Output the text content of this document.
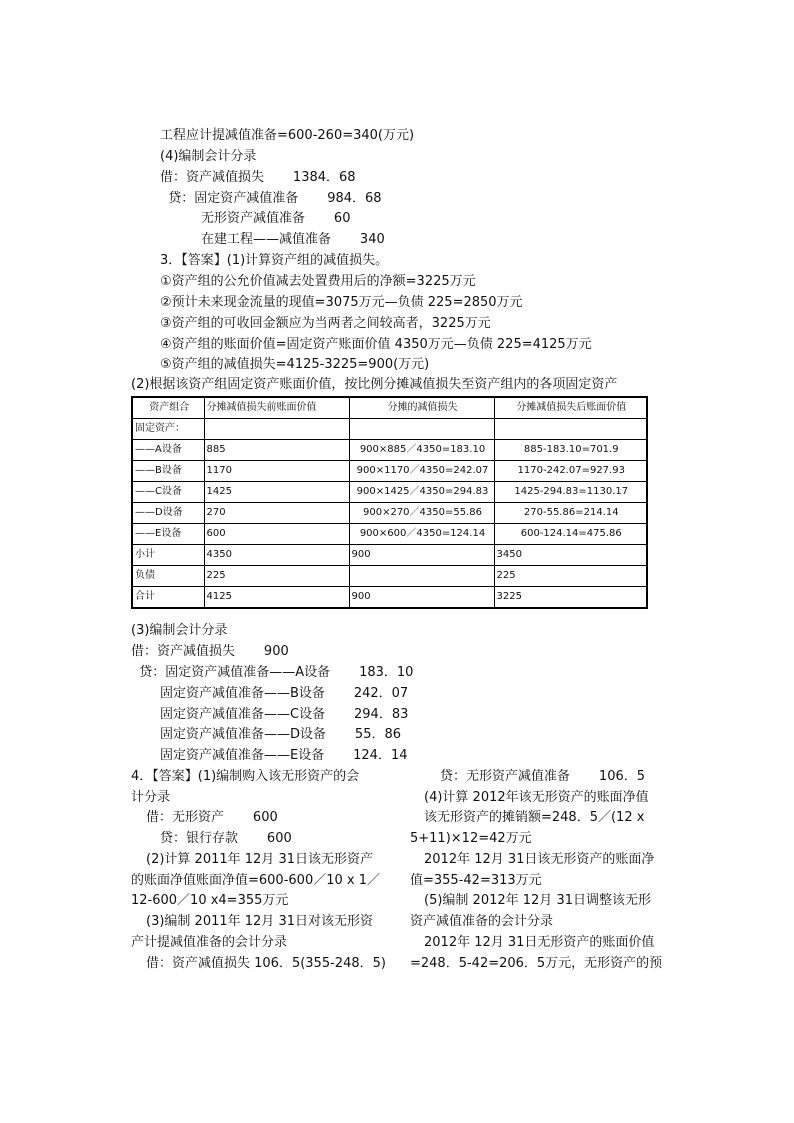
工程应计提减值准备=600-260=340(万元)
(4)编制会计分录
借：资产减值损失       1384．68
贷：固定资产减值准备       984．68
无形资产减值准备       60
在建工程——减值准备       340
3．【答案】(1)计算资产组的减值损失。
①资产组的公允价值减去处置费用后的净额=3225万元
②预计未来现金流量的现值=3075万元—负债 225=2850万元
③资产组的可收回金额应为当两者之间较高者，3225万元
④资产组的账面价值=固定资产账面价值 4350万元—负债 225=4125万元
⑤资产组的减值损失=4125-3225=900(万元)
(2)根据该资产组固定资产账面价值，按比例分摊减值损失至资产组内的各项固定资产
资产组合	分摊减值损失前账面价值	分摊的减值损失	分摊减值损失后账面价值
固定资产：			
——A设备	885	900×885／4350=183.10	885-183.10=701.9
——B设备	1170	900×1170／4350=242.07	1170-242.07=927.93
——C设备	1425	900×1425／4350=294.83	1425-294.83=1130.17
——D设备	270	900×270／4350=55.86	270-55.86=214.14
——E设备	600	900×600／4350=124.14	600-124.14=475.86
小计	4350	900	3450
负债	225		225
合计	4125	900	3225
(3)编制会计分录
借：资产减值损失       900
贷：固定资产减值准备——A设备       183．10
固定资产减值准备——B设备       242．07
固定资产减值准备——C设备       294．83
固定资产减值准备——D设备       55．86
固定资产减值准备——E设备       124．14
4．【答案】(1)编制购入该无形资产的会
计分录
借：无形资产       600
贷：银行存款       600
(2)计算 2011年 12月 31日该无形资产
的账面净值账面净值=600-600／10 x 1／
12-600／10 x4=355万元
(3)编制 2011年 12月 31日对该无形资
产计提减值准备的会计分录
借：资产减值损失 106．5(355-248．5)
贷：无形资产减值准备       106．5
(4)计算 2012年该无形资产的账面净值
该无形资产的摊销额=248．5／(12 x
5+11)×12=42万元
2012年 12月 31日该无形资产的账面净
值=355-42=313万元
(5)编制 2012年 12月 31日调整该无形
资产减值准备的会计分录
2012年 12月 31日无形资产的账面价值
=248．5-42=206．5万元，无形资产的预
